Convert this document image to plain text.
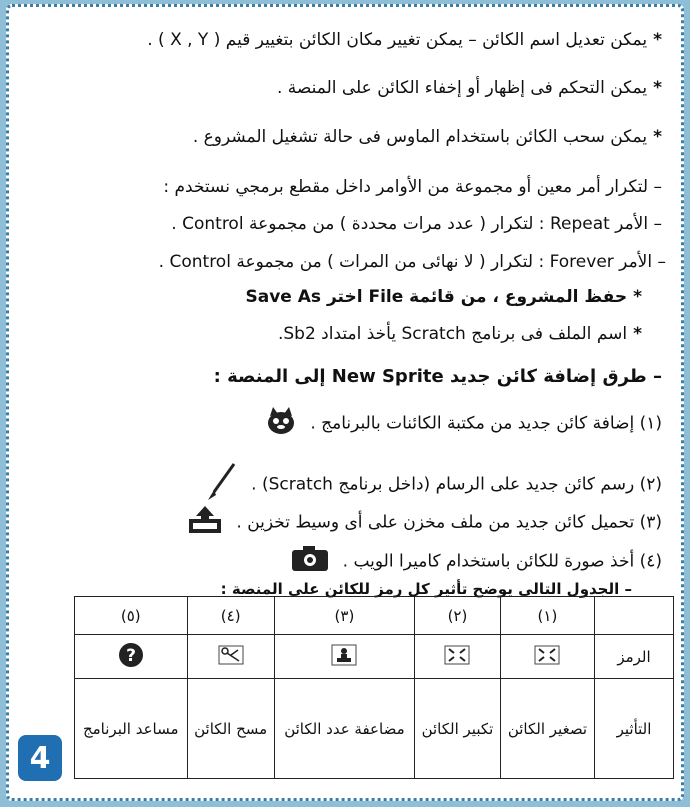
*يمكن تعديل اسم الكائن – يمكن تغيير مكان الكائن بتغيير قيم ( X , Y ) .
*يمكن التحكم فى إظهار أو إخفاء الكائن على المنصة .
*يمكن سحب الكائن باستخدام الماوس فى حالة تشغيل المشروع .
– لتكرار أمر معين أو مجموعة من الأوامر داخل مقطع برمجي نستخدم :
– الأمر Repeat : لتكرار ( عدد مرات محددة ) من مجموعة Control .
– الأمر Forever : لتكرار ( لا نهائى من المرات ) من مجموعة Control .
*حفظ المشروع ، من قائمة File اختر Save As
*اسم الملف فى برنامج Scratch يأخذ امتداد Sb2.
– طرق إضافة كائن جديد New Sprite إلى المنصة :
(١) إضافة كائن جديد من مكتبة الكائنات بالبرنامج .
(٢) رسم كائن جديد على الرسام (داخل برنامج Scratch) .
(٣) تحميل كائن جديد من ملف مخزن على أى وسيط تخزين .
(٤) أخذ صورة للكائن باستخدام كاميرا الويب .
– الجدول التالى يوضح تأثير كل رمز للكائن على المنصة :
	(١)	(٢)	(٣)	(٤)	(٥)
الرمز					?

التأثير	تصغير الكائن	تكبير الكائن	مضاعفة عدد الكائن	مسح الكائن	مساعد البرنامج
4
